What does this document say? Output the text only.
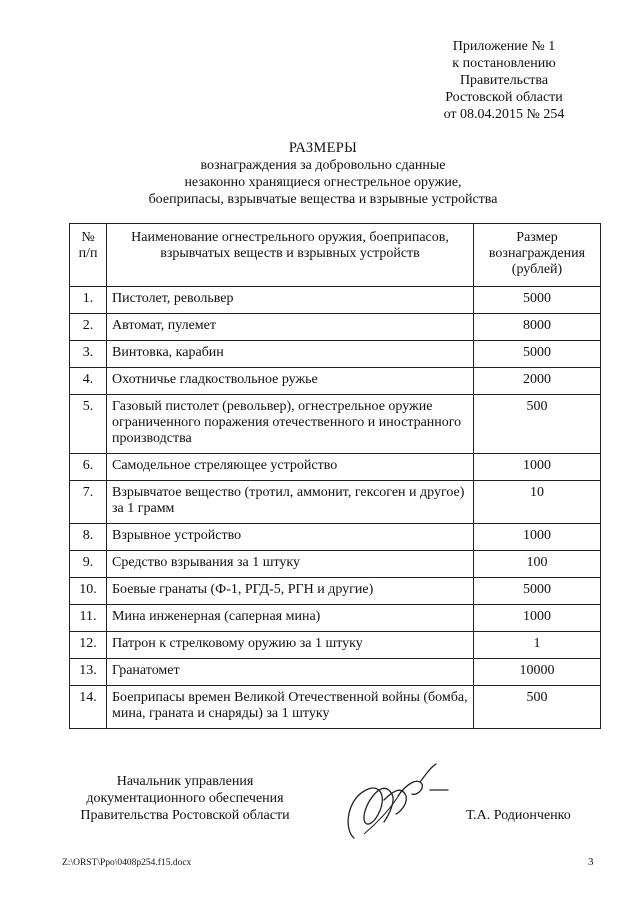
Приложение № 1
к постановлению
Правительства
Ростовской области
от 08.04.2015 № 254
РАЗМЕРЫ
вознаграждения за добровольно сданные
незаконно хранящиеся огнестрельное оружие,
боеприпасы, взрывчатые вещества и взрывные устройства
№ п/п	Наименование огнестрельного оружия, боеприпасов, взрывчатых веществ и взрывных устройств	Размер вознаграждения (рублей)
1.	Пистолет, револьвер	5000
2.	Автомат, пулемет	8000
3.	Винтовка, карабин	5000
4.	Охотничье гладкоствольное ружье	2000
5.	Газовый пистолет (револьвер), огнестрельное оружие ограниченного поражения отечественного и иностранного производства	500
6.	Самодельное стреляющее устройство	1000
7.	Взрывчатое вещество (тротил, аммонит, гексоген и другое) за 1 грамм	10
8.	Взрывное устройство	1000
9.	Средство взрывания за 1 штуку	100
10.	Боевые гранаты (Ф-1, РГД-5, РГН и другие)	5000
11.	Мина инженерная (саперная мина)	1000
12.	Патрон к стрелковому оружию за 1 штуку	1
13.	Гранатомет	10000
14.	Боеприпасы времен Великой Отечественной войны (бомба, мина, граната и снаряды) за 1 штуку	500
Начальник управления
документационного обеспечения
Правительства Ростовской области	Т.А. Родионченко
Z:\ORST\Ppo\0408p254.f15.docx	3
